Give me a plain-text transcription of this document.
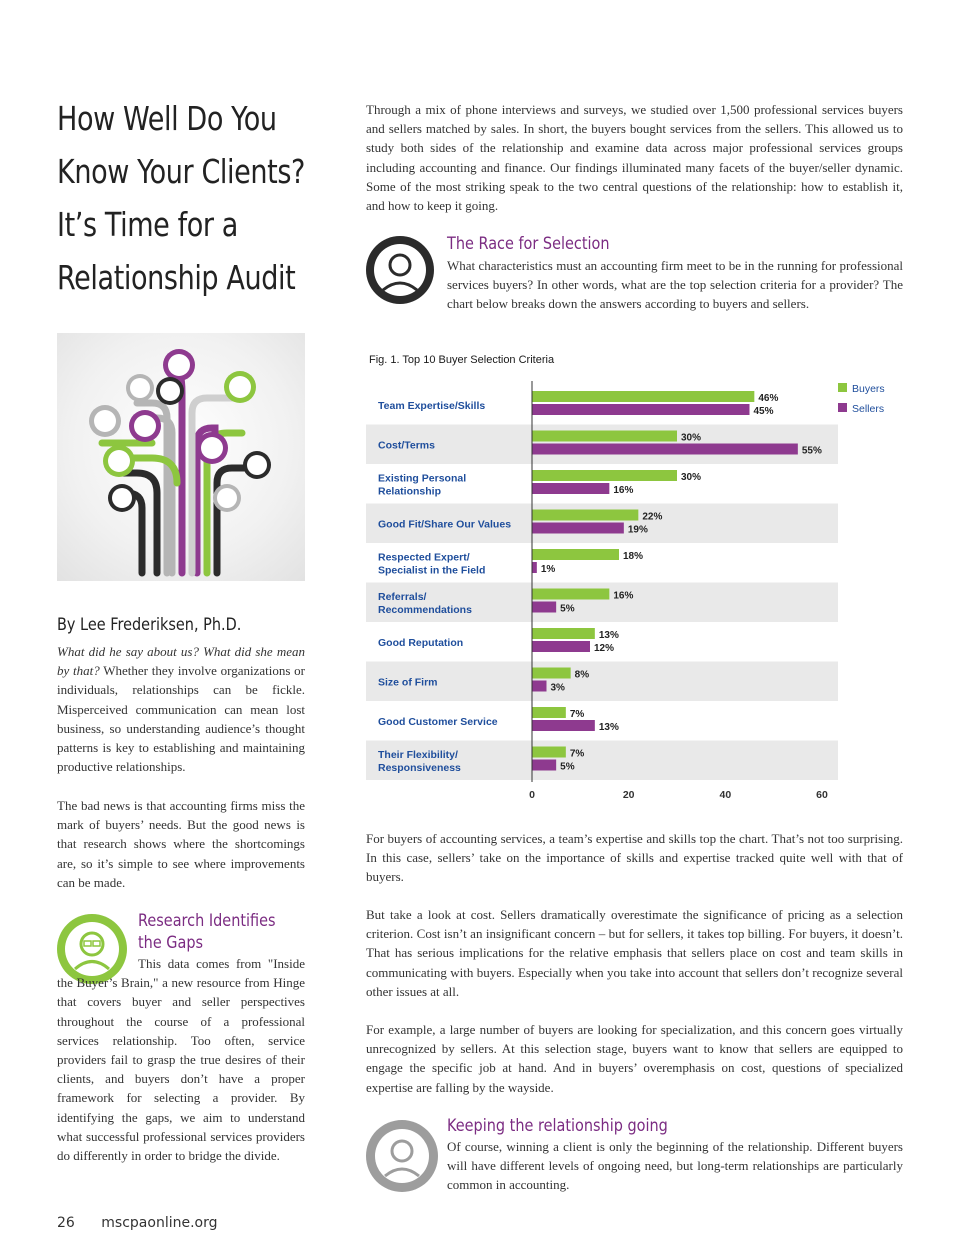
How Well Do You
Know Your Clients?
It’s Time for a
Relationship Audit
By Lee Frederiksen, Ph.D.
What did he say about us? What did she mean by that? Whether they involve organizations or individuals, relationships can be fickle. Misperceived communication can mean lost business, so understanding audience’s thought patterns is key to establishing and maintaining productive relationships.
The bad news is that accounting firms miss the mark of buyers’ needs. But the good news is that research shows where the shortcomings are, so it’s simple to see where improvements can be made.
Research Identifies
the Gaps
This data comes from "Inside the Buyer’s Brain," a new resource from Hinge that covers buyer and seller perspectives throughout the course of a professional services relationship. Too often, service providers fail to grasp the true desires of their clients, and buyers don’t have a proper framework for selecting a provider. By identifying the gaps, we aim to understand what successful professional services providers do differently in order to bridge the divide.
Through a mix of phone interviews and surveys, we studied over 1,500 professional services buyers and sellers matched by sales. In short, the buyers bought services from the sellers. This allowed us to study both sides of the relationship and examine data across major professional services groups including accounting and finance. Our findings illuminated many facets of the buyer/seller dynamic. Some of the most striking speak to the two central questions of the relationship: how to establish it, and how to keep it going.
The Race for Selection
What characteristics must an accounting firm meet to be in the running for professional services buyers? In other words, what are the top selection criteria for a provider? The chart below breaks down the answers according to buyers and sellers.
Fig. 1. Top 10 Buyer Selection Criteria
Team Expertise/Skills
Cost/Terms
Existing Personal
Relationship
Good Fit/Share Our Values
Respected Expert/
Specialist in the Field
Referrals/
Recommendations
Good Reputation
Size of Firm
Good Customer Service
Their Flexibility/
Responsiveness
46%
45%
30%
55%
30%
16%
22%
19%
18%
1%
16%
5%
13%
12%
8%
3%
7%
13%
7%
5%
0	20	40	60
Buyers
Sellers
For buyers of accounting services, a team’s expertise and skills top the chart. That’s not too surprising. In this case, sellers’ take on the importance of skills and expertise tracked quite well with that of buyers.
But take a look at cost. Sellers dramatically overestimate the significance of pricing as a selection criterion. Cost isn’t an insignificant concern – but for sellers, it takes top billing. For buyers, it doesn’t. That has serious implications for the relative emphasis that sellers place on cost and team skills in communicating with buyers. Especially when you take into account that sellers don’t recognize several other issues at all.
For example, a large number of buyers are looking for specialization, and this concern goes virtually unrecognized by sellers. At this selection stage, buyers want to know that sellers are equipped to engage the specific job at hand. And in buyers’ overemphasis on cost, questions of specialized expertise are falling by the wayside.
Keeping the relationship going
Of course, winning a client is only the beginning of the relationship. Different buyers will have different levels of ongoing need, but long-term relationships are particularly common in accounting.
26 mscpaonline.org
